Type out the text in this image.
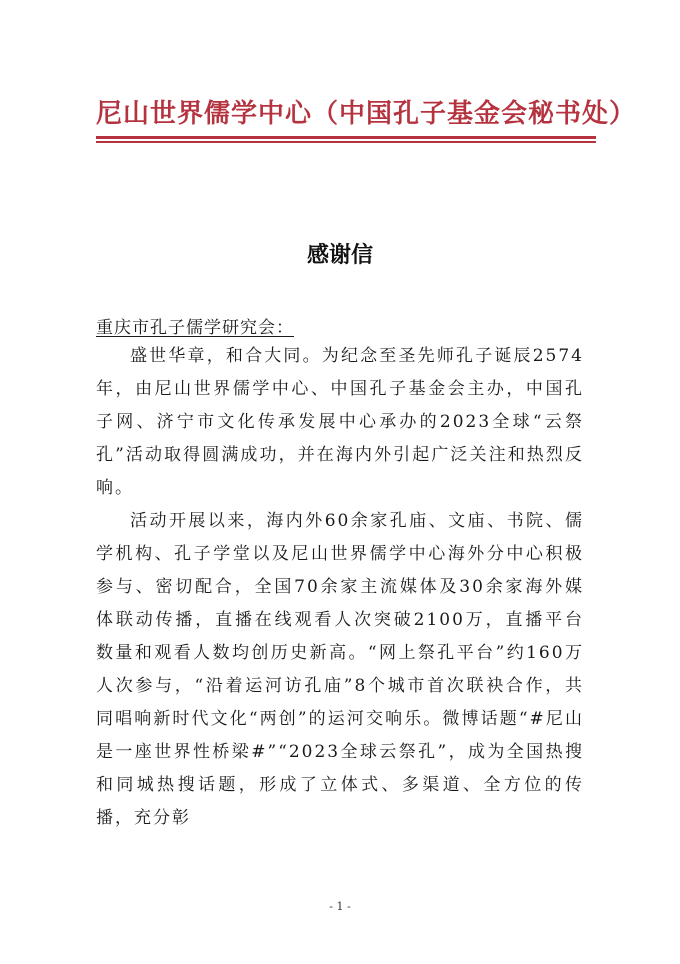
尼山世界儒学中心（中国孔子基金会秘书处）
感谢信
重庆市孔子儒学研究会：

盛世华章，和合大同。为纪念至圣先师孔子诞辰2574年，由尼山世界儒学中心、中国孔子基金会主办，中国孔子网、济宁市文化传承发展中心承办的2023全球“云祭孔”活动取得圆满成功，并在海内外引起广泛关注和热烈反响。

活动开展以来，海内外60余家孔庙、文庙、书院、儒学机构、孔子学堂以及尼山世界儒学中心海外分中心积极参与、密切配合，全国70余家主流媒体及30余家海外媒体联动传播，直播在线观看人次突破2100万，直播平台数量和观看人数均创历史新高。“网上祭孔平台”约160万人次参与，“沿着运河访孔庙”8个城市首次联袂合作，共同唱响新时代文化“两创”的运河交响乐。微博话题“#尼山是一座世界性桥梁#”“2023全球云祭孔”，成为全国热搜和同城热搜话题，形成了立体式、多渠道、全方位的传播，充分彰

- 1 -
